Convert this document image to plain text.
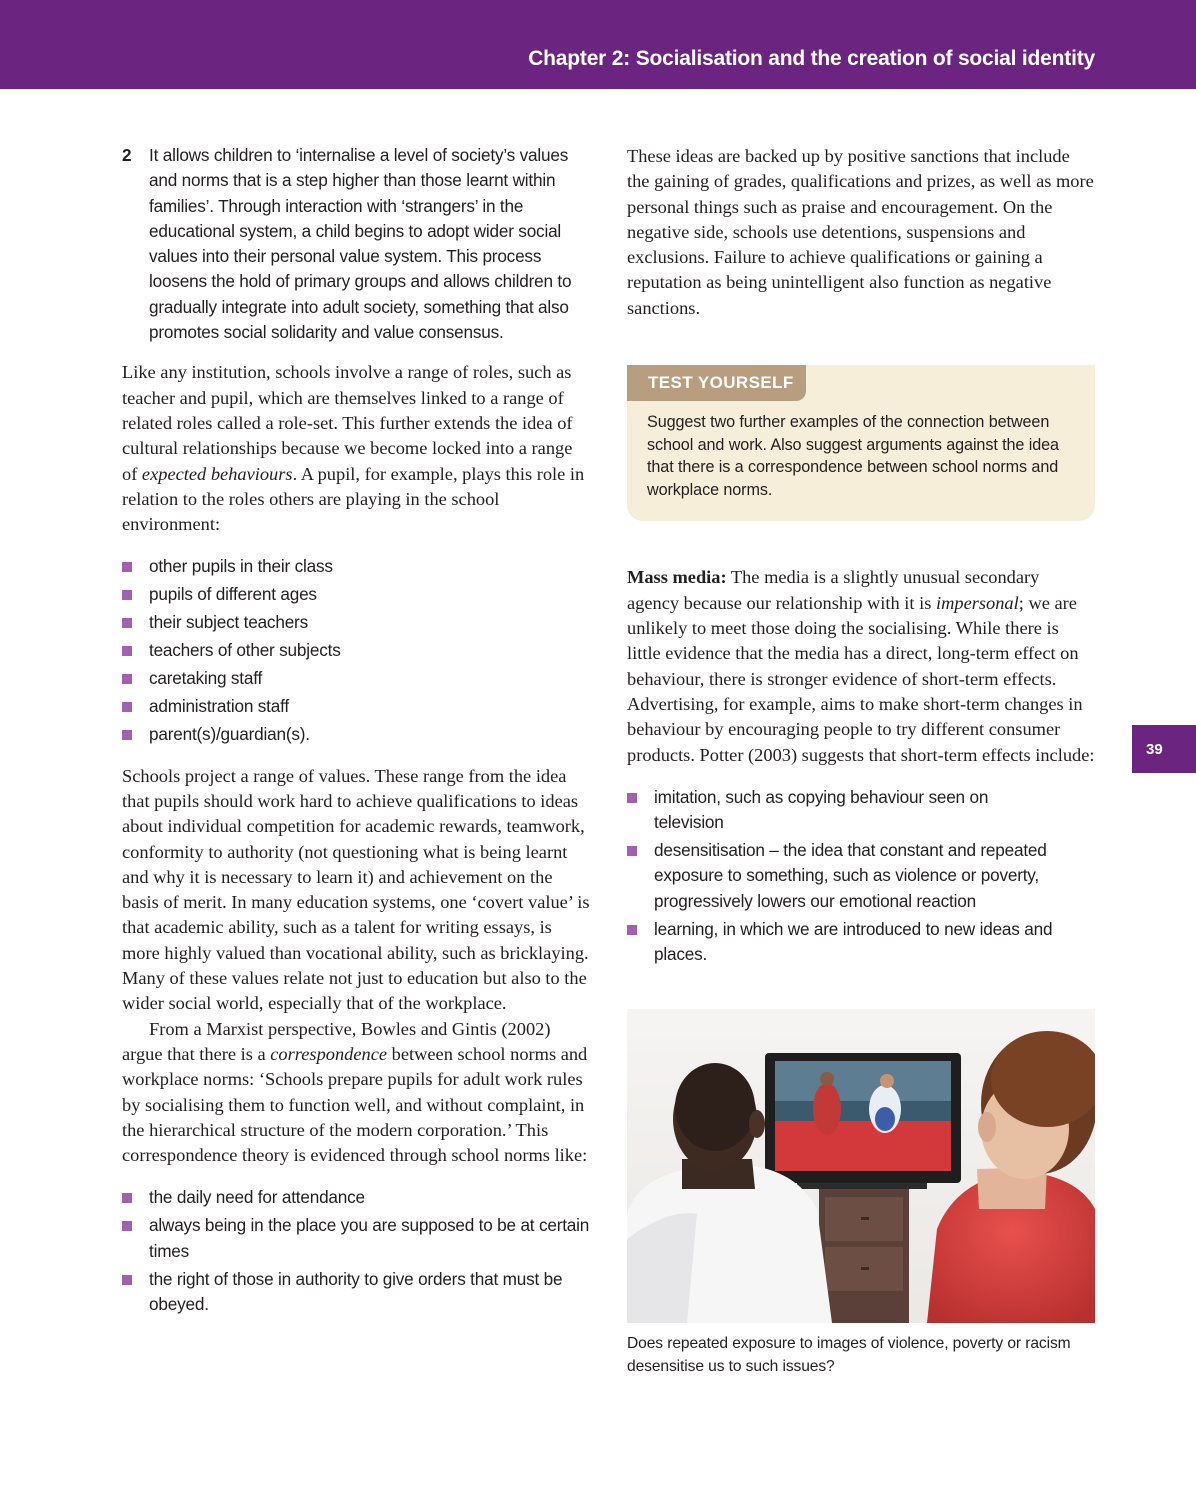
Chapter 2: Socialisation and the creation of social identity
39
2 It allows children to ‘internalise a level of society’s values and norms that is a step higher than those learnt within families’. Through interaction with ‘strangers’ in the educational system, a child begins to adopt wider social values into their personal value system. This process loosens the hold of primary groups and allows children to gradually integrate into adult society, something that also promotes social solidarity and value consensus.

Like any institution, schools involve a range of roles, such as teacher and pupil, which are themselves linked to a range of related roles called a role-set. This further extends the idea of cultural relationships because we become locked into a range of expected behaviours. A pupil, for example, plays this role in relation to the roles others are playing in the school environment:

other pupils in their class
pupils of different ages
their subject teachers
teachers of other subjects
caretaking staff
administration staff
parent(s)/guardian(s).

Schools project a range of values. These range from the idea that pupils should work hard to achieve qualifications to ideas about individual competition for academic rewards, teamwork, conformity to authority (not questioning what is being learnt and why it is necessary to learn it) and achievement on the basis of merit. In many education systems, one ‘covert value’ is that academic ability, such as a talent for writing essays, is more highly valued than vocational ability, such as bricklaying. Many of these values relate not just to education but also to the wider social world, especially that of the workplace.

From a Marxist perspective, Bowles and Gintis (2002) argue that there is a correspondence between school norms and workplace norms: ‘Schools prepare pupils for adult work rules by socialising them to function well, and without complaint, in the hierarchical structure of the modern corporation.’ This correspondence theory is evidenced through school norms like:

the daily need for attendance
always being in the place you are supposed to be at certain times
the right of those in authority to give orders that must be obeyed.

These ideas are backed up by positive sanctions that include the gaining of grades, qualifications and prizes, as well as more personal things such as praise and encouragement. On the negative side, schools use detentions, suspensions and exclusions. Failure to achieve qualifications or gaining a reputation as being unintelligent also function as negative sanctions.

TEST YOURSELF
Suggest two further examples of the connection between school and work. Also suggest arguments against the idea that there is a correspondence between school norms and workplace norms.

Mass media: The media is a slightly unusual secondary agency because our relationship with it is impersonal; we are unlikely to meet those doing the socialising. While there is little evidence that the media has a direct, long-term effect on behaviour, there is stronger evidence of short-term effects. Advertising, for example, aims to make short-term changes in behaviour by encouraging people to try different consumer products. Potter (2003) suggests that short-term effects include:

imitation, such as copying behaviour seen on television
desensitisation – the idea that constant and repeated exposure to something, such as violence or poverty, progressively lowers our emotional reaction
learning, in which we are introduced to new ideas and places.
Does repeated exposure to images of violence, poverty or racism desensitise us to such issues?
